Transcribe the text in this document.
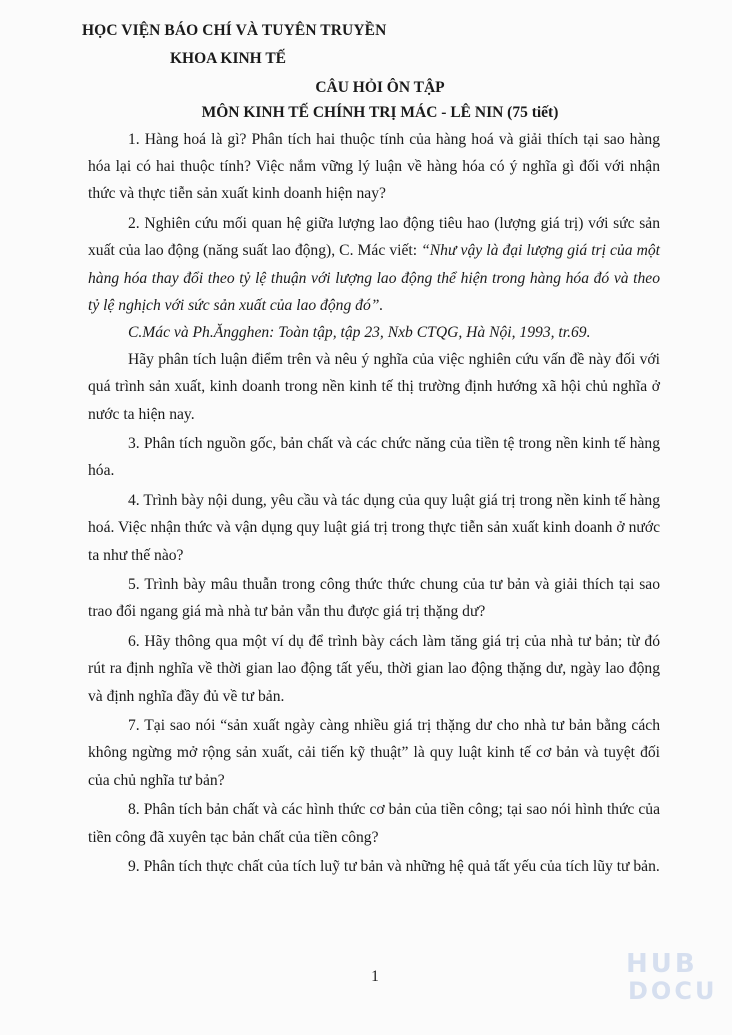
HỌC VIỆN BÁO CHÍ VÀ TUYÊN TRUYỀN
KHOA KINH TẾ
CÂU HỎI ÔN TẬP
MÔN KINH TẾ CHÍNH TRỊ MÁC - LÊ NIN (75 tiết)

1. Hàng hoá là gì? Phân tích hai thuộc tính của hàng hoá và giải thích tại sao hàng hóa lại có hai thuộc tính? Việc nắm vững lý luận về hàng hóa có ý nghĩa gì đối với nhận thức và thực tiễn sản xuất kinh doanh hiện nay?

2. Nghiên cứu mối quan hệ giữa lượng lao động tiêu hao (lượng giá trị) với sức sản xuất của lao động (năng suất lao động), C. Mác viết: “Như vậy là đại lượng giá trị của một hàng hóa thay đổi theo tỷ lệ thuận với lượng lao động thể hiện trong hàng hóa đó và theo tỷ lệ nghịch với sức sản xuất của lao động đó”.

C.Mác và Ph.Ăngghen: Toàn tập, tập 23, Nxb CTQG, Hà Nội, 1993, tr.69.

Hãy phân tích luận điểm trên và nêu ý nghĩa của việc nghiên cứu vấn đề này đối với quá trình sản xuất, kinh doanh trong nền kinh tế thị trường định hướng xã hội chủ nghĩa ở nước ta hiện nay.

3. Phân tích nguồn gốc, bản chất và các chức năng của tiền tệ trong nền kinh tế hàng hóa.

4. Trình bày nội dung, yêu cầu và tác dụng của quy luật giá trị trong nền kinh tế hàng hoá. Việc nhận thức và vận dụng quy luật giá trị trong thực tiễn sản xuất kinh doanh ở nước ta như thế nào?

5. Trình bày mâu thuẫn trong công thức thức chung của tư bản và giải thích tại sao trao đổi ngang giá mà nhà tư bản vẫn thu được giá trị thặng dư?

6. Hãy thông qua một ví dụ để trình bày cách làm tăng giá trị của nhà tư bản; từ đó rút ra định nghĩa về thời gian lao động tất yếu, thời gian lao động thặng dư, ngày lao động và định nghĩa đầy đủ về tư bản.

7. Tại sao nói “sản xuất ngày càng nhiều giá trị thặng dư cho nhà tư bản bằng cách không ngừng mở rộng sản xuất, cải tiến kỹ thuật” là quy luật kinh tế cơ bản và tuyệt đối của chủ nghĩa tư bản?

8. Phân tích bản chất và các hình thức cơ bản của tiền công; tại sao nói hình thức của tiền công đã xuyên tạc bản chất của tiền công?

9. Phân tích thực chất của tích luỹ tư bản và những hệ quả tất yếu của tích lũy tư bản.

1	HUB
DOCU
